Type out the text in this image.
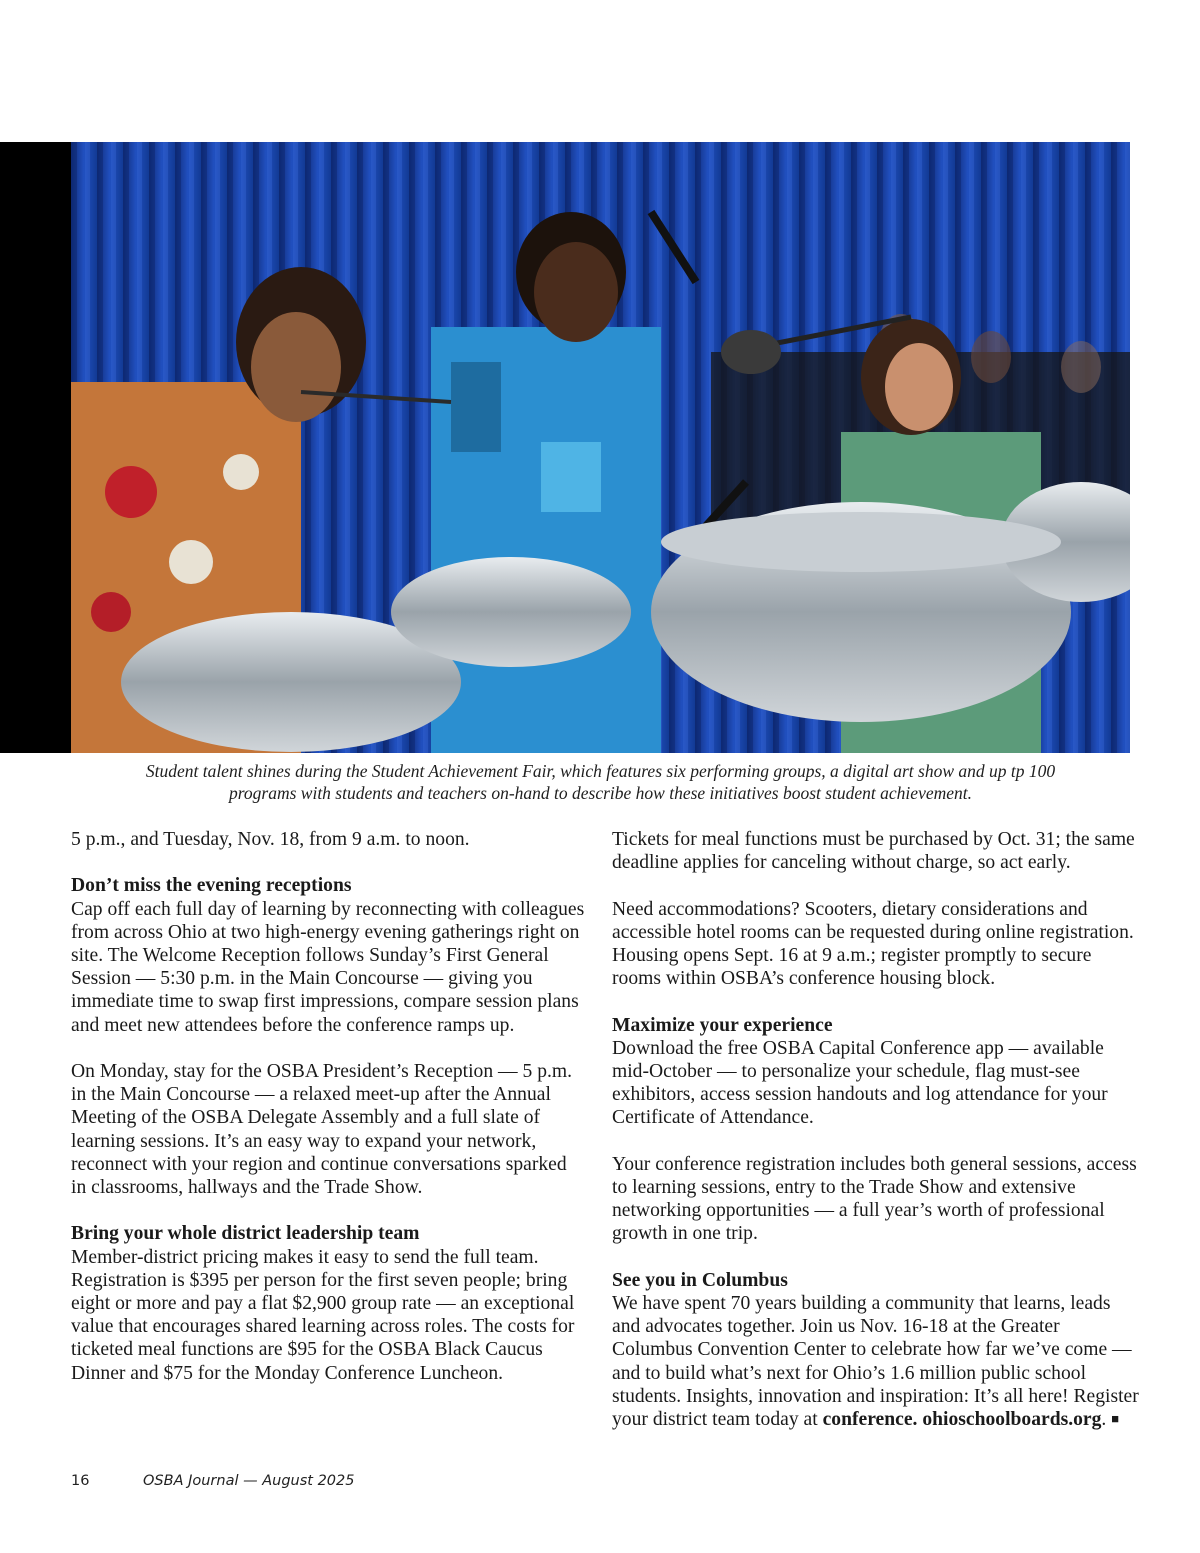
Student talent shines during the Student Achievement Fair, which features six performing groups, a digital art show and up tp 100
programs with students and teachers on-hand to describe how these initiatives boost student achievement.

5 p.m., and Tuesday, Nov. 18, from 9 a.m. to noon.

Don’t miss the evening receptions

Cap off each full day of learning by reconnecting with colleagues from across Ohio at two high-energy evening gatherings right on site. The Welcome Reception follows Sunday’s First General Session — 5:30 p.m. in the Main Concourse — giving you immediate time to swap first impressions, compare session plans and meet new attendees before the conference ramps up.

On Monday, stay for the OSBA President’s Reception — 5 p.m. in the Main Concourse — a relaxed meet-up after the Annual Meeting of the OSBA Delegate Assembly and a full slate of learning sessions. It’s an easy way to expand your network, reconnect with your region and continue conversations sparked in classrooms, hallways and the Trade Show.

Bring your whole district leadership team

Member-district pricing makes it easy to send the full team. Registration is $395 per person for the first seven people; bring eight or more and pay a flat $2,900 group rate — an exceptional value that encourages shared learning across roles. The costs for ticketed meal functions are $95 for the OSBA Black Caucus Dinner and $75 for the Monday Conference Luncheon.

Tickets for meal functions must be purchased by Oct. 31; the same deadline applies for canceling without charge, so act early.

Need accommodations? Scooters, dietary considerations and accessible hotel rooms can be requested during online registration. Housing opens Sept. 16 at 9 a.m.; register promptly to secure rooms within OSBA’s conference housing block.

Maximize your experience

Download the free OSBA Capital Conference app — available mid-October — to personalize your schedule, flag must-see exhibitors, access session handouts and log attendance for your Certificate of Attendance.

Your conference registration includes both general sessions, access to learning sessions, entry to the Trade Show and extensive networking opportunities — a full year’s worth of professional growth in one trip.

See you in Columbus

We have spent 70 years building a community that learns, leads and advocates together. Join us Nov. 16-18 at the Greater Columbus Convention Center to celebrate how far we’ve come — and to build what’s next for Ohio’s 1.6 million public school students. Insights, innovation and inspiration: It’s all here! Register your district team today at conference. ohioschoolboards.org. ■

16	OSBA Journal — August 2025
